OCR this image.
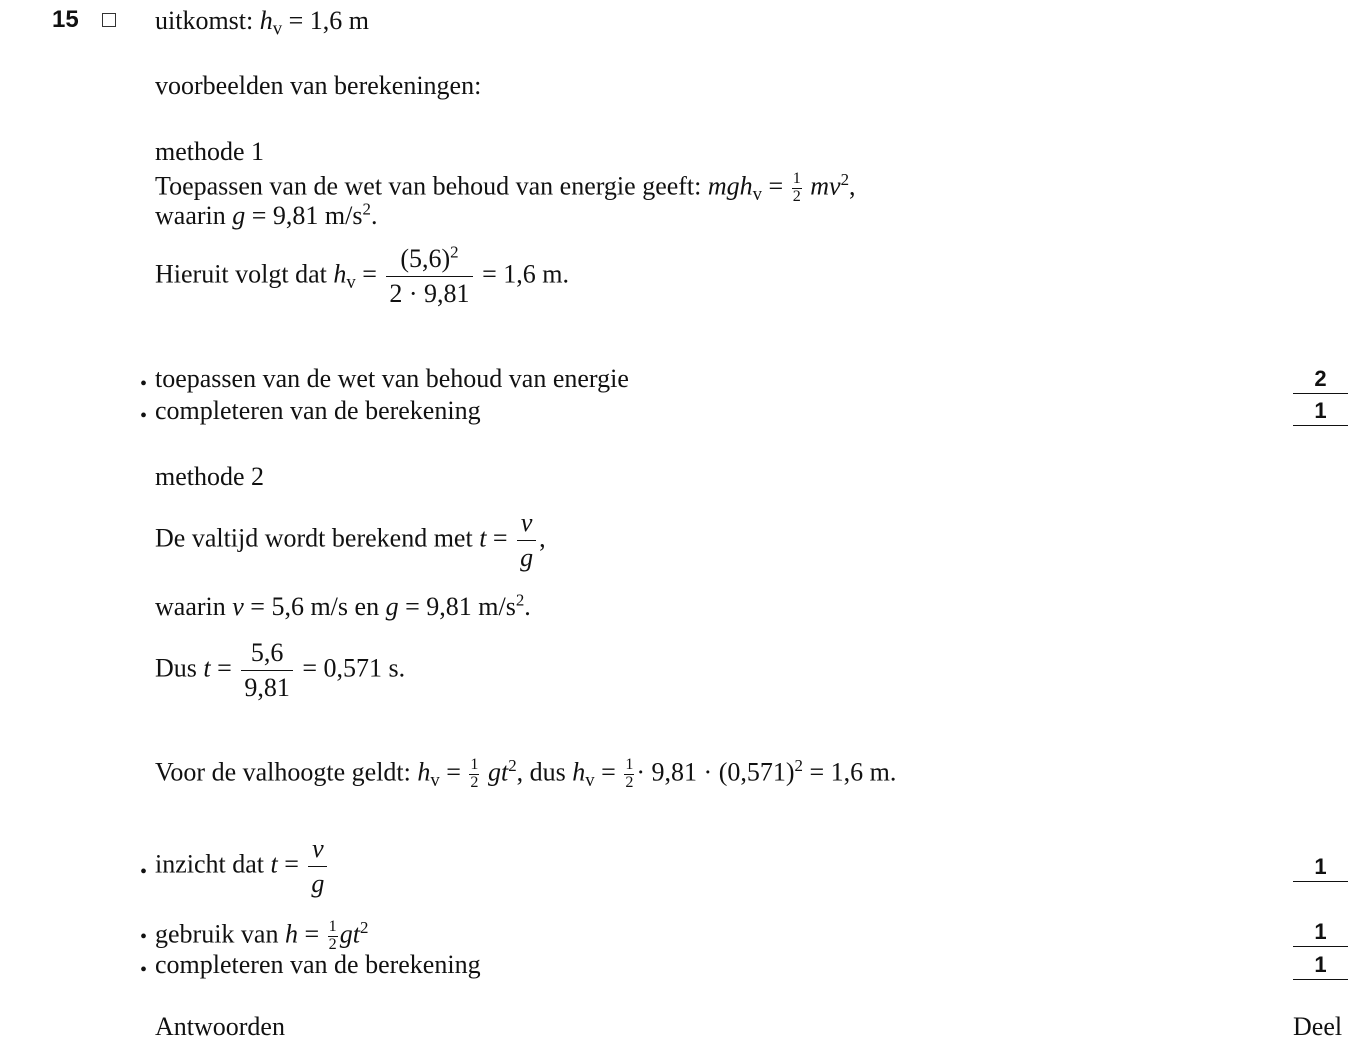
15	uitkomst: $h_v = 1,6$ m
voorbeelden van berekeningen:
methode 1
Toepassen van de wet van behoud van energie geeft: $mgh_v = \frac{1}{2} mv^2$,
waarin g = 9,81 $m/s^2$.
Hieruit volgt dat $h_v = \frac{(5,6)^2}{2 \cdot 9,81} = 1,6$ m.
• toepassen van de wet van behoud van energie	2
• completeren van de berekening	1
methode 2
De valtijd wordt berekend met $t = \frac{v}{g}$ ,
waarin v = 5,6 m/s en g = 9,81 $m/s^2$.
Dus $t = \frac{5,6}{9,81} = 0,571$ s.
Voor de valhoogte geldt: $h_v = \frac{1}{2} gt^2$, dus $h_v = \frac{1}{2} \cdot 9,81 \cdot (0,571)^2 = 1,6$ m.
• inzicht dat $t = \frac{v}{g}$	1
• gebruik van $h = \frac{1}{2} gt^2$	1
• completeren van de berekening	1
Antwoorden	Deel
